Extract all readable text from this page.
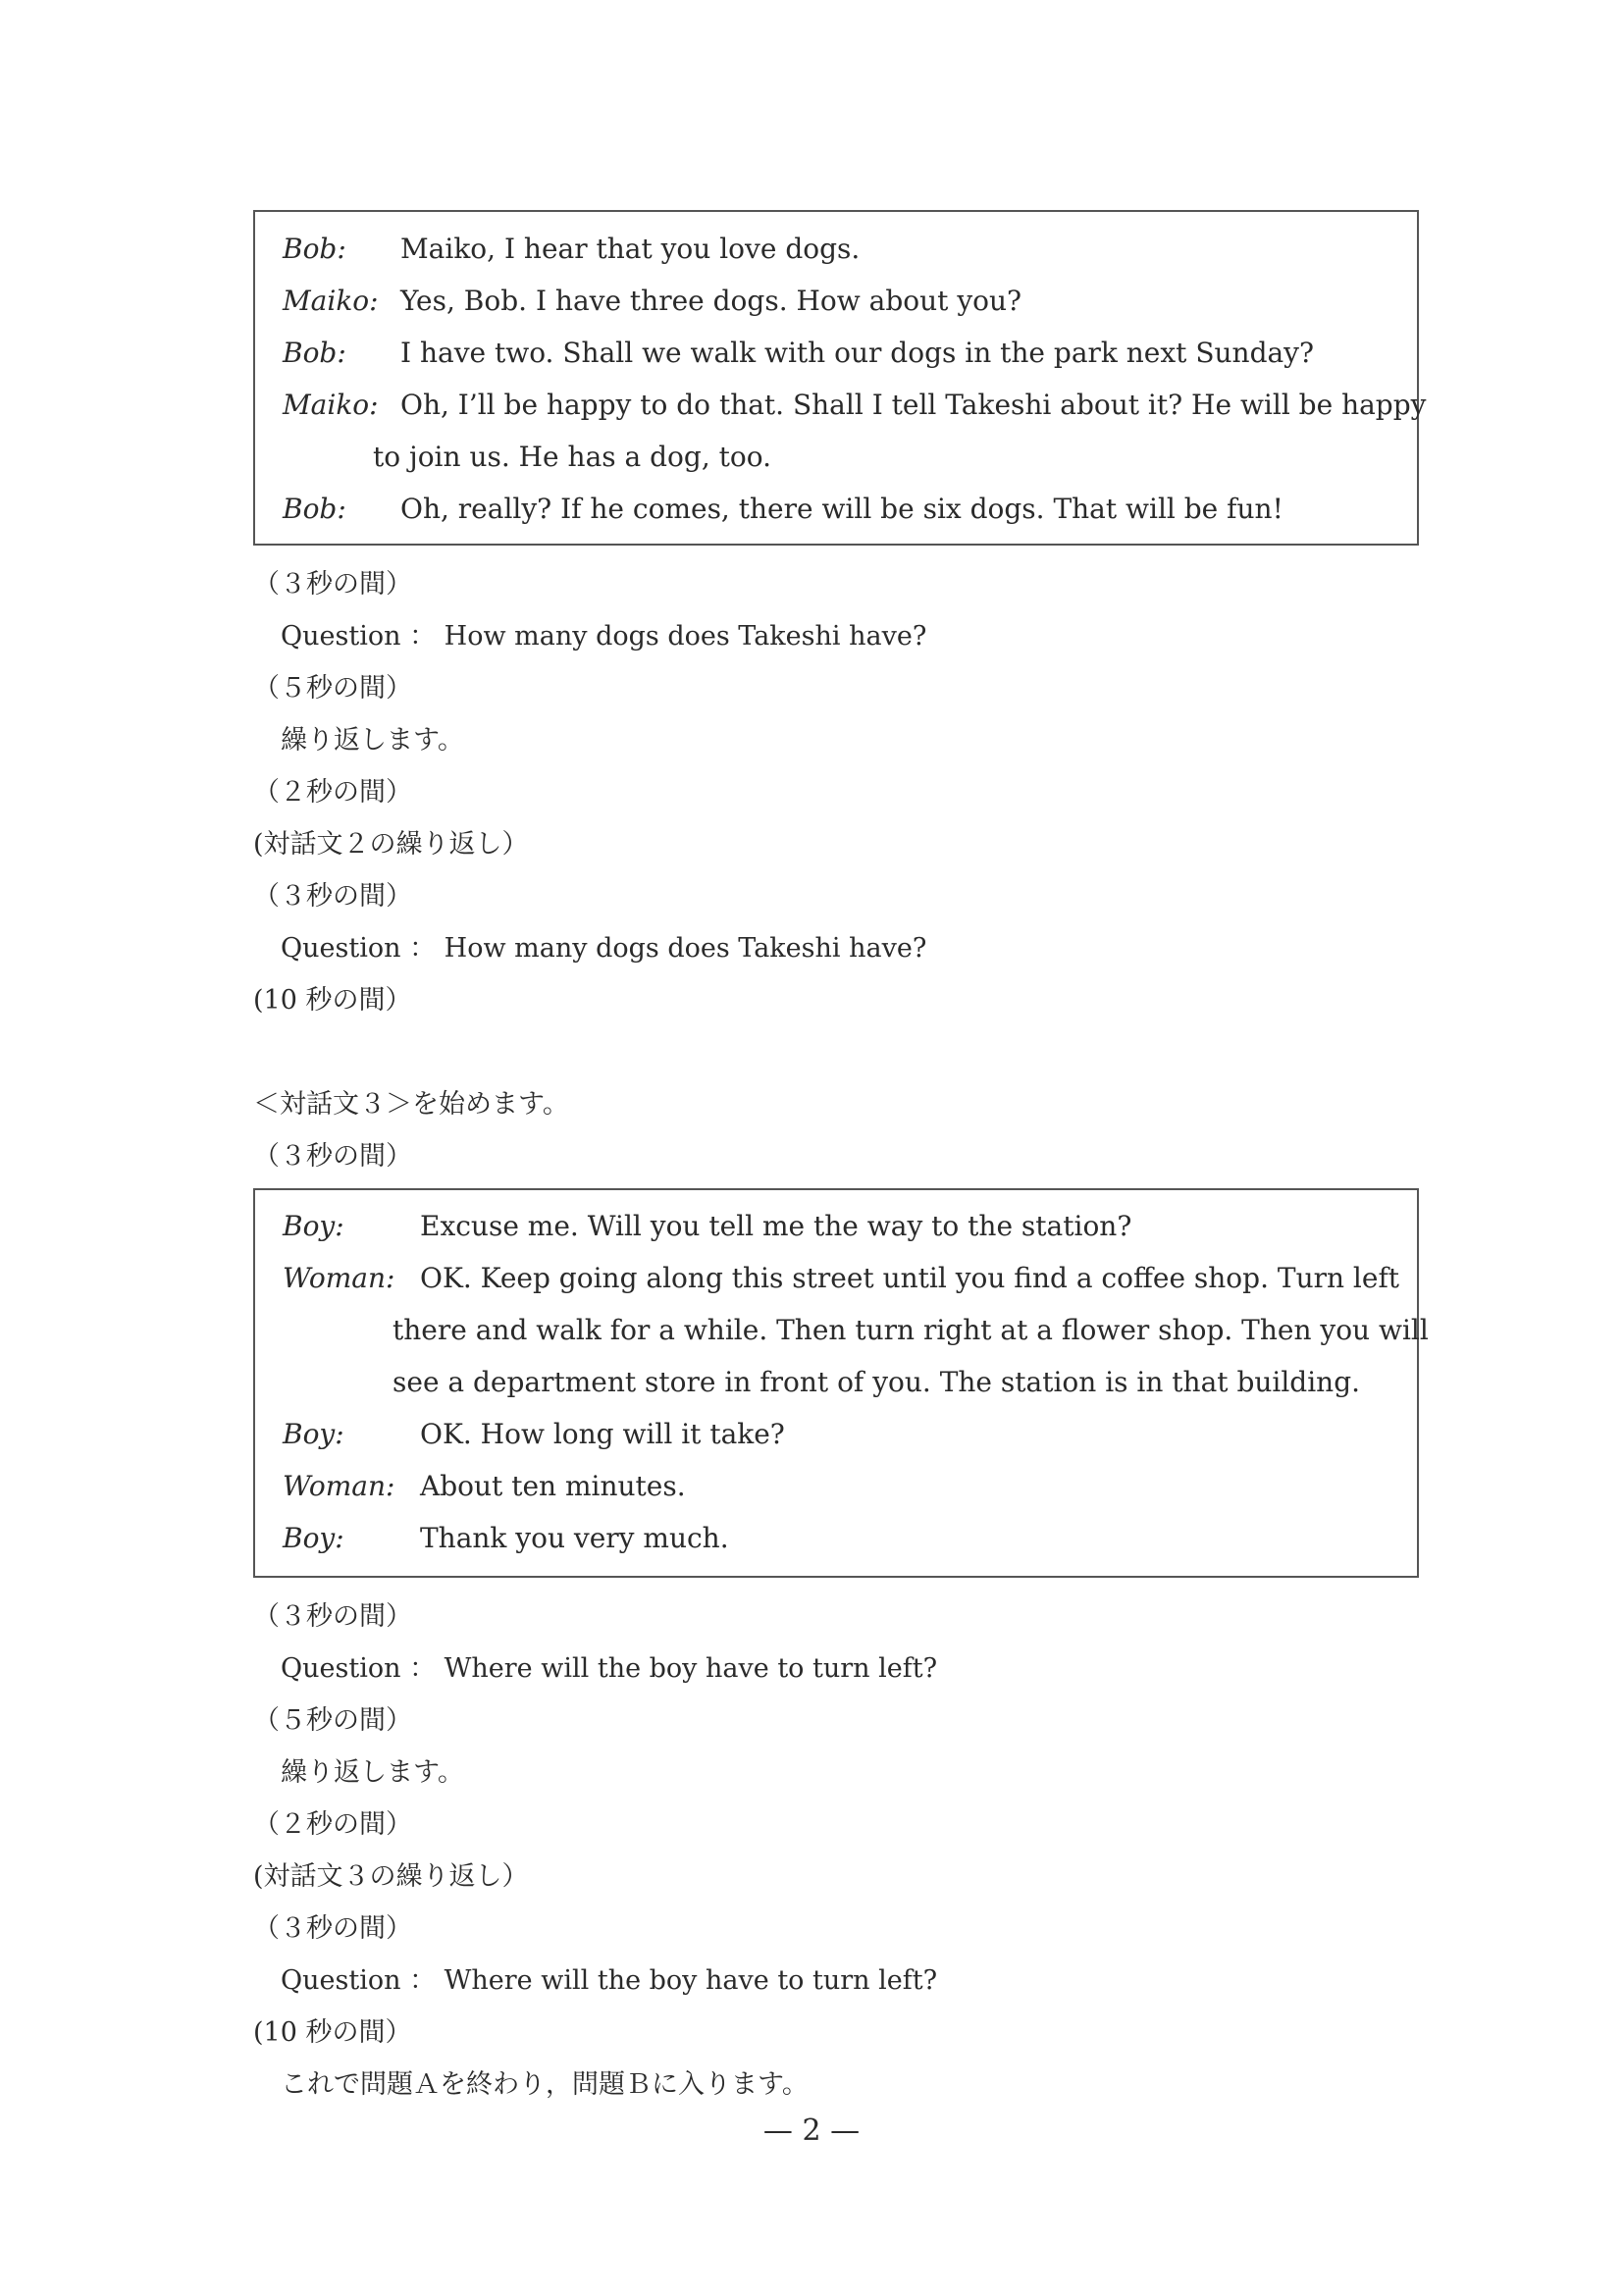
Bob: Maiko, I hear that you love dogs.
Maiko: Yes, Bob. I have three dogs. How about you?
Bob: I have two. Shall we walk with our dogs in the park next Sunday?
Maiko: Oh, I’ll be happy to do that. Shall I tell Takeshi about it? He will be happy
to join us. He has a dog, too.
Bob: Oh, really? If he comes, there will be six dogs. That will be fun!
（３秒の間）
Question ： How many dogs does Takeshi have?
（５秒の間）
繰り返します。
（２秒の間）
(対話文２の繰り返し）
（３秒の間）
Question ： How many dogs does Takeshi have?
(10 秒の間）
＜対話文３＞を始めます。
（３秒の間）
Boy:	Excuse me. Will you tell me the way to the station?
Woman: OK. Keep going along this street until you find a coffee shop. Turn left
there and walk for a while. Then turn right at a flower shop. Then you will
see a department store in front of you. The station is in that building.
Boy:	OK. How long will it take?
Woman: About ten minutes.
Boy:	Thank you very much.
（３秒の間）
Question ： Where will the boy have to turn left?
（５秒の間）
繰り返します。
（２秒の間）
(対話文３の繰り返し）
（３秒の間）
Question ： Where will the boy have to turn left?
(10 秒の間）
これで問題Ａを終わり，問題Ｂに入ります。
— 2 —
